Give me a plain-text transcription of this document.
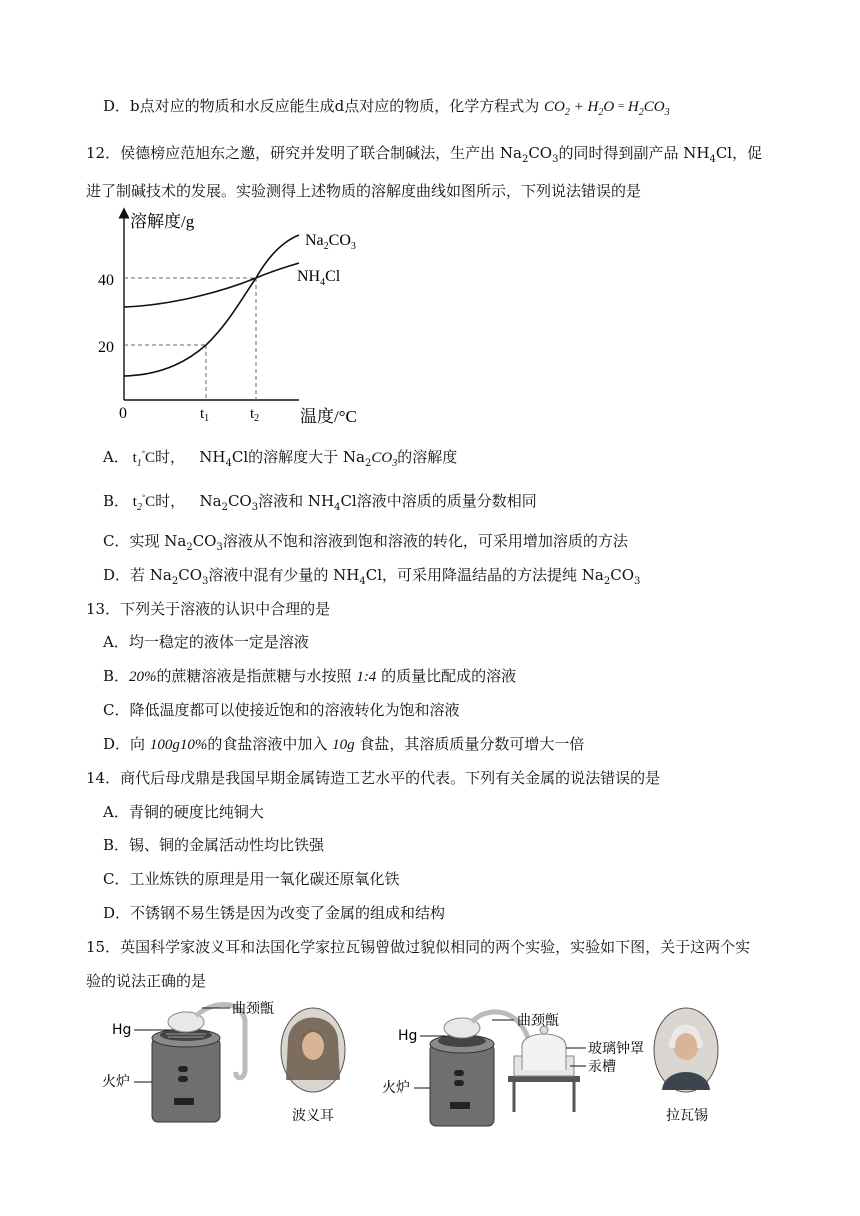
D．b点对应的物质和水反应能生成d点对应的物质，化学方程式为 $CO_2 + H_2O = H_2CO_3$
12．侯德榜应范旭东之邀，研究并发明了联合制碱法，生产出 $Na_2CO_3$的同时得到副产品 $NH_4Cl$，促
进了制碱技术的发展。实验测得上述物质的溶解度曲线如图所示，下列说法错误的是
溶解度/g
40
20
0	$t_1$	$t_2$ 温度/°C
$Na_2CO_3$
$NH_4Cl$
A． $t_1^\circ C$时，   $NH_4Cl$的溶解度大于 $Na_2CO_3$的溶解度
B． $t_2^\circ C$时，   $Na_2CO_3$溶液和 $NH_4Cl$溶液中溶质的质量分数相同
C．实现 $Na_2CO_3$溶液从不饱和溶液到饱和溶液的转化，可采用增加溶质的方法
D．若 $Na_2CO_3$溶液中混有少量的 $NH_4Cl$，可采用降温结晶的方法提纯 $Na_2CO_3$
13．下列关于溶液的认识中合理的是
A．均一稳定的液体一定是溶液
B．20%的蔗糖溶液是指蔗糖与水按照 1:4 的质量比配成的溶液
C．降低温度都可以使接近饱和的溶液转化为饱和溶液
D．向 100g10%的食盐溶液中加入 10g 食盐，其溶质质量分数可增大一倍
14．商代后母戊鼎是我国早期金属铸造工艺水平的代表。下列有关金属的说法错误的是
A．青铜的硬度比纯铜大
B．锡、铜的金属活动性均比铁强
C．工业炼铁的原理是用一氧化碳还原氧化铁
D．不锈钢不易生锈是因为改变了金属的组成和结构
15．英国科学家波义耳和法国化学家拉瓦锡曾做过貌似相同的两个实验，实验如下图，关于这两个实
验的说法正确的是
曲颈甑
Hg
火炉
波义耳
曲颈甑
Hg
玻璃钟罩
汞槽
火炉
拉瓦锡
